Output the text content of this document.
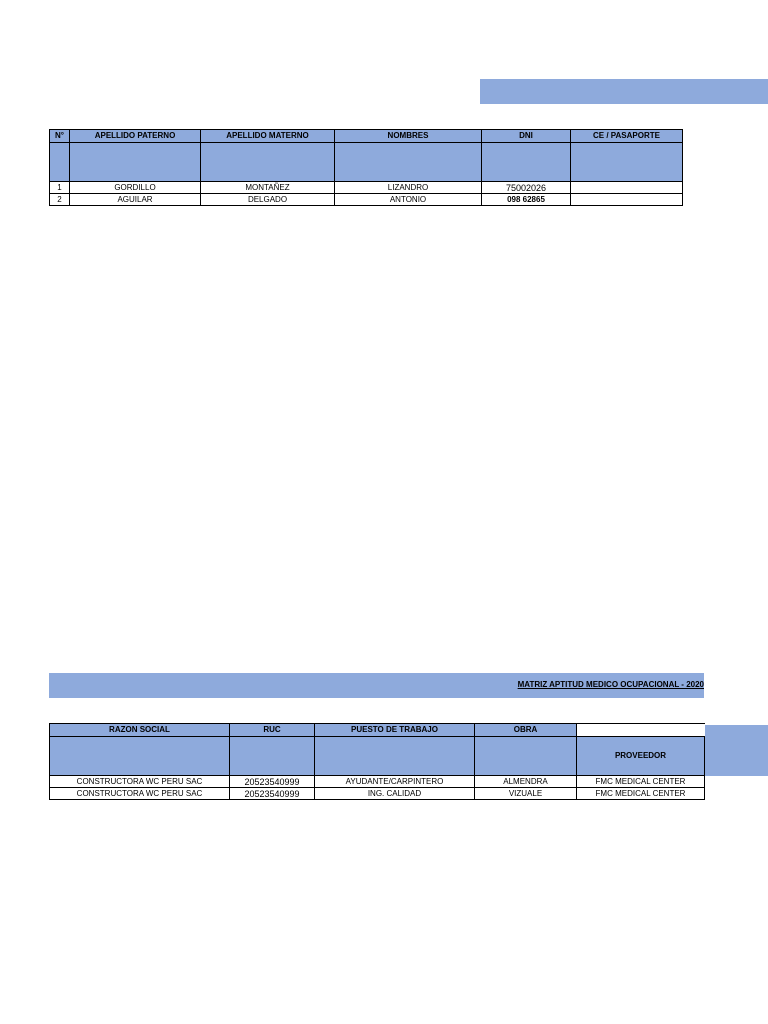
N°	APELLIDO PATERNO	APELLIDO MATERNO	NOMBRES	DNI	CE / PASAPORTE

1	GORDILLO	MONTAÑEZ	LIZANDRO	75002026	
2	AGUILAR	DELGADO	ANTONIO	098 62865	
MATRIZ APTITUD MEDICO OCUPACIONAL - 2020
RAZON SOCIAL	RUC	PUESTO DE TRABAJO	OBRA	
				PROVEEDOR
CONSTRUCTORA WC PERU SAC	20523540999	AYUDANTE/CARPINTERO	ALMENDRA	FMC MEDICAL CENTER
CONSTRUCTORA WC PERU SAC	20523540999	ING. CALIDAD	VIZUALE	FMC MEDICAL CENTER
